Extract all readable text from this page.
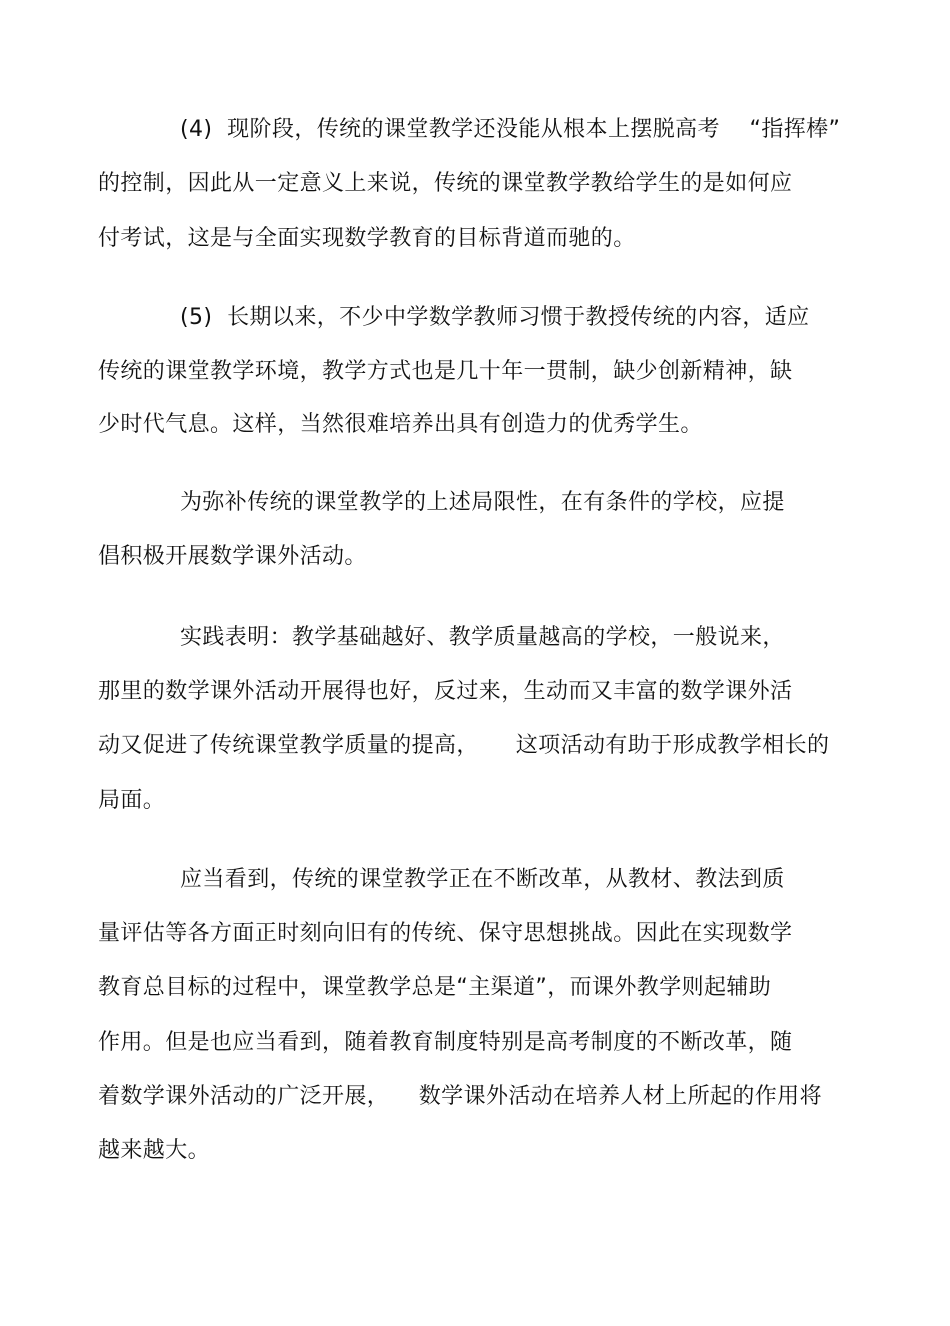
(4)  现阶段，传统的课堂教学还没能从根本上摆脱高考    “指挥棒”
的控制，因此从一定意义上来说，传统的课堂教学教给学生的是如何应
付考试，这是与全面实现数学教育的目标背道而驰的。
(5)  长期以来，不少中学数学教师习惯于教授传统的内容，适应
传统的课堂教学环境，教学方式也是几十年一贯制，缺少创新精神，缺
少时代气息。这样，当然很难培养出具有创造力的优秀学生。
为弥补传统的课堂教学的上述局限性，在有条件的学校，应提
倡积极开展数学课外活动。
实践表明：教学基础越好、教学质量越高的学校，一般说来，
那里的数学课外活动开展得也好，反过来，生动而又丰富的数学课外活
动又促进了传统课堂教学质量的提高，     这项活动有助于形成教学相长的
局面。
应当看到，传统的课堂教学正在不断改革，从教材、教法到质
量评估等各方面正时刻向旧有的传统、保守思想挑战。因此在实现数学
教育总目标的过程中，课堂教学总是“主渠道”，而课外教学则起辅助
作用。但是也应当看到，随着教育制度特别是高考制度的不断改革，随
着数学课外活动的广泛开展，    数学课外活动在培养人材上所起的作用将
越来越大。
